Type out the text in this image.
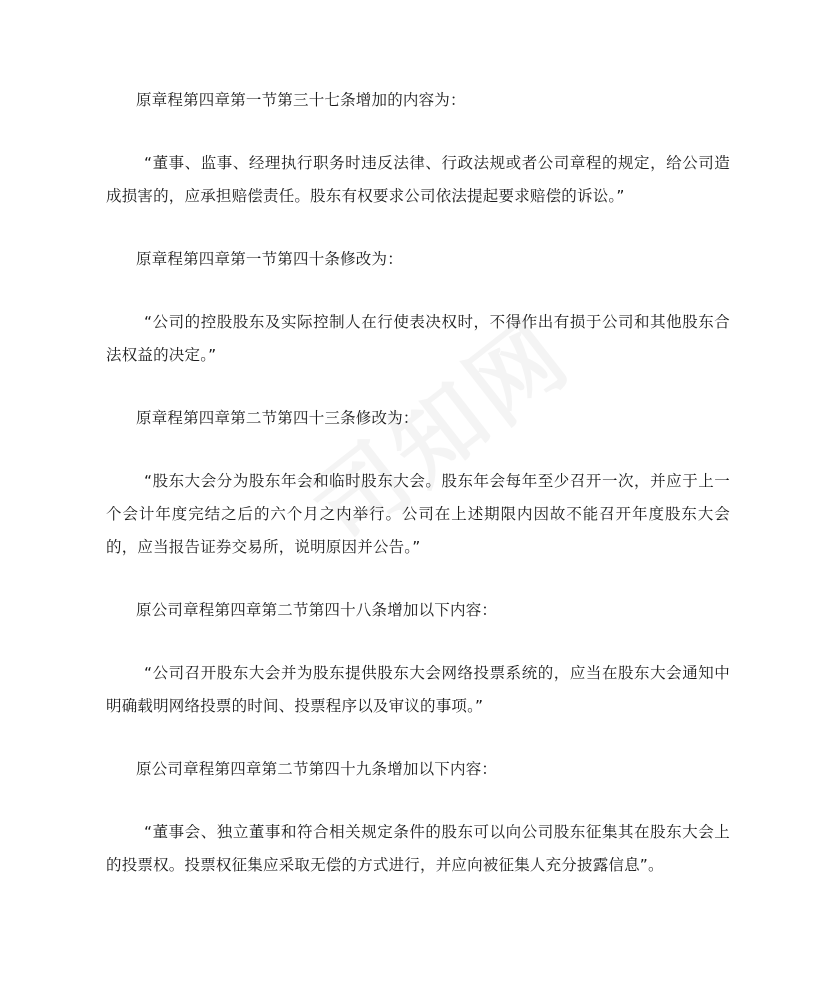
原章程第四章第一节第三十七条增加的内容为：

“董事、监事、经理执行职务时违反法律、行政法规或者公司章程的规定，给公司造成损害的，应承担赔偿责任。股东有权要求公司依法提起要求赔偿的诉讼。”

原章程第四章第一节第四十条修改为：

“公司的控股股东及实际控制人在行使表决权时，不得作出有损于公司和其他股东合法权益的决定。”

原章程第四章第二节第四十三条修改为：

“股东大会分为股东年会和临时股东大会。股东年会每年至少召开一次，并应于上一个会计年度完结之后的六个月之内举行。公司在上述期限内因故不能召开年度股东大会的，应当报告证券交易所，说明原因并公告。”

原公司章程第四章第二节第四十八条增加以下内容：

“公司召开股东大会并为股东提供股东大会网络投票系统的，应当在股东大会通知中明确载明网络投票的时间、投票程序以及审议的事项。”

原公司章程第四章第二节第四十九条增加以下内容：

“董事会、独立董事和符合相关规定条件的股东可以向公司股东征集其在股东大会上的投票权。投票权征集应采取无偿的方式进行，并应向被征集人充分披露信息”。
